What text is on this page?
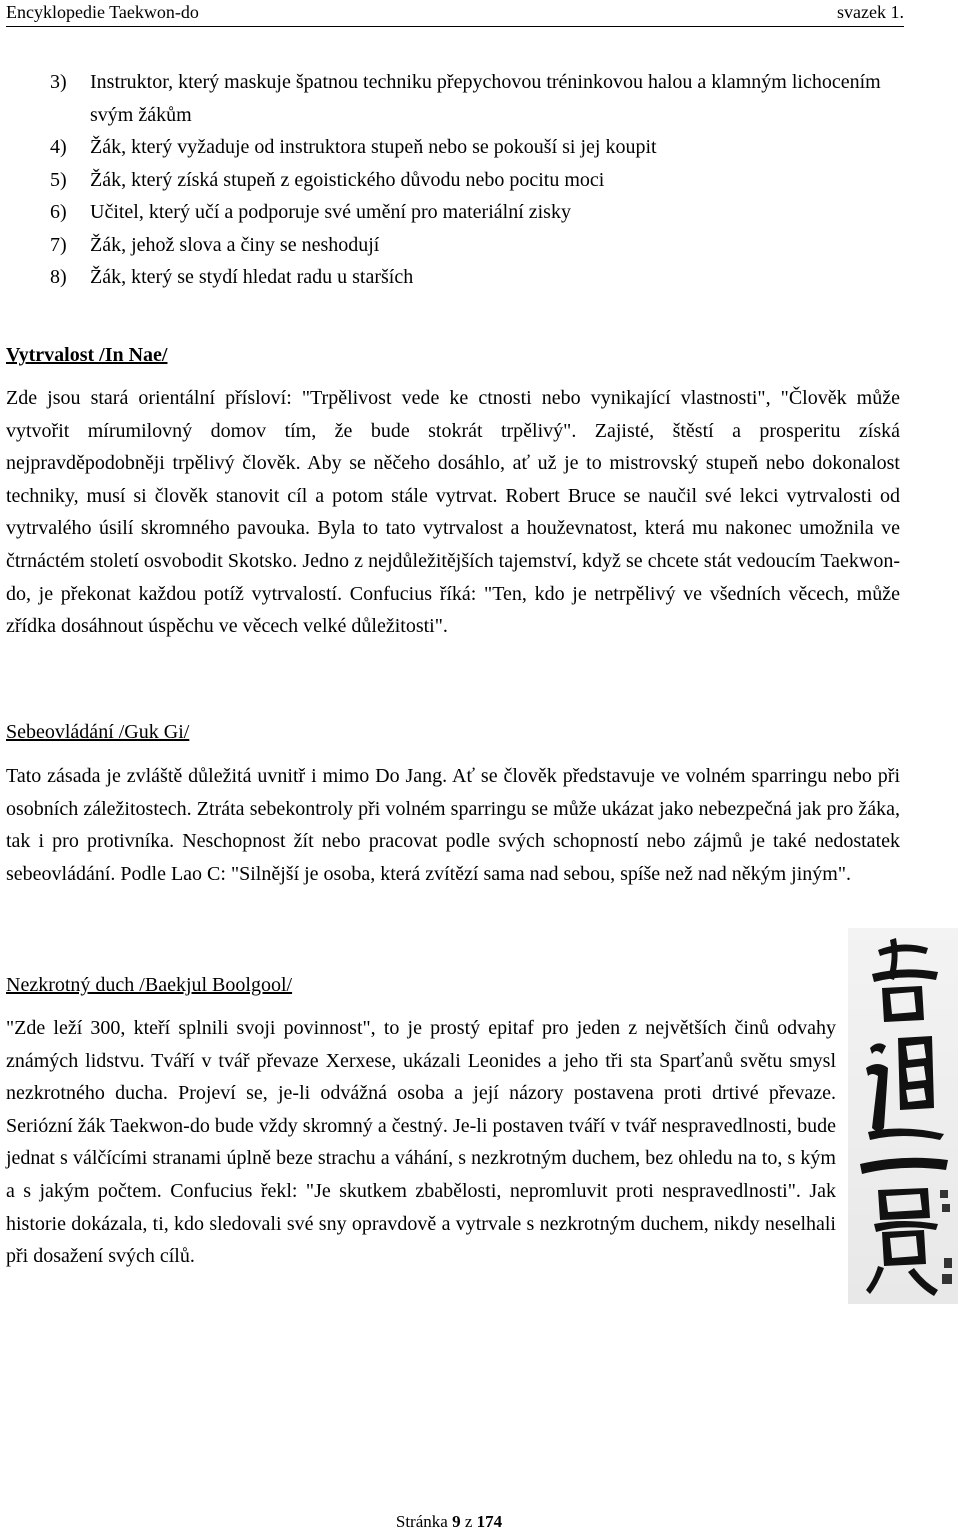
Encyklopedie Taekwon-do	svazek 1.
3) Instruktor, který maskuje špatnou techniku přepychovou tréninkovou halou a klamným lichocením svým žákům
4) Žák, který vyžaduje od instruktora stupeň nebo se pokouší si jej koupit
5) Žák, který získá stupeň z egoistického důvodu nebo pocitu moci
6) Učitel, který učí a podporuje své umění pro materiální zisky
7) Žák, jehož slova a činy se neshodují
8) Žák, který se stydí hledat radu u starších
Vytrvalost /In Nae/

Zde jsou stará orientální přísloví: "Trpělivost vede ke ctnosti nebo vynikající vlastnosti", "Člověk může vytvořit mírumilovný domov tím, že bude stokrát trpělivý". Zajisté, štěstí a prosperitu získá nejpravděpodobněji trpělivý člověk. Aby se něčeho dosáhlo, ať už je to mistrovský stupeň nebo dokonalost techniky, musí si člověk stanovit cíl a potom stále vytrvat. Robert Bruce se naučil své lekci vytrvalosti od vytrvalého úsilí skromného pavouka. Byla to tato vytrvalost a houževnatost, která mu nakonec umožnila ve čtrnáctém století osvobodit Skotsko. Jedno z nejdůležitějších tajemství, když se chcete stát vedoucím Taekwon-do, je překonat každou potíž vytrvalostí. Confucius říká: "Ten, kdo je netrpělivý ve všedních věcech, může zřídka dosáhnout úspěchu ve věcech velké důležitosti".

Sebeovládání /Guk Gi/

Tato zásada je zvláště důležitá uvnitř i mimo Do Jang. Ať se člověk představuje ve volném sparringu nebo při osobních záležitostech. Ztráta sebekontroly při volném sparringu se může ukázat jako nebezpečná jak pro žáka, tak i pro protivníka. Neschopnost žít nebo pracovat podle svých schopností nebo zájmů je také nedostatek sebeovládání. Podle Lao C: "Silnější je osoba, která zvítězí sama nad sebou, spíše než nad někým jiným".

Nezkrotný duch /Baekjul Boolgool/

"Zde leží 300, kteří splnili svoji povinnost", to je prostý epitaf pro jeden z největších činů odvahy známých lidstvu. Tváří v tvář převaze Xerxese, ukázali Leonides a jeho tři sta Sparťanů světu smysl nezkrotného ducha. Projeví se, je-li odvážná osoba a její názory postavena proti drtivé převaze. Seriózní žák Taekwon-do bude vždy skromný a čestný. Je-li postaven tváří v tvář nespravedlnosti, bude jednat s válčícími stranami úplně beze strachu a váhání, s nezkrotným duchem, bez ohledu na to, s kým a s jakým počtem. Confucius řekl: "Je skutkem zbabělosti, nepromluvit proti nespravedlnosti". Jak historie dokázala, ti, kdo sledovali své sny opravdově a vytrvale s nezkrotným duchem, nikdy neselhali při dosažení svých cílů.

Stránka 9 z 174
